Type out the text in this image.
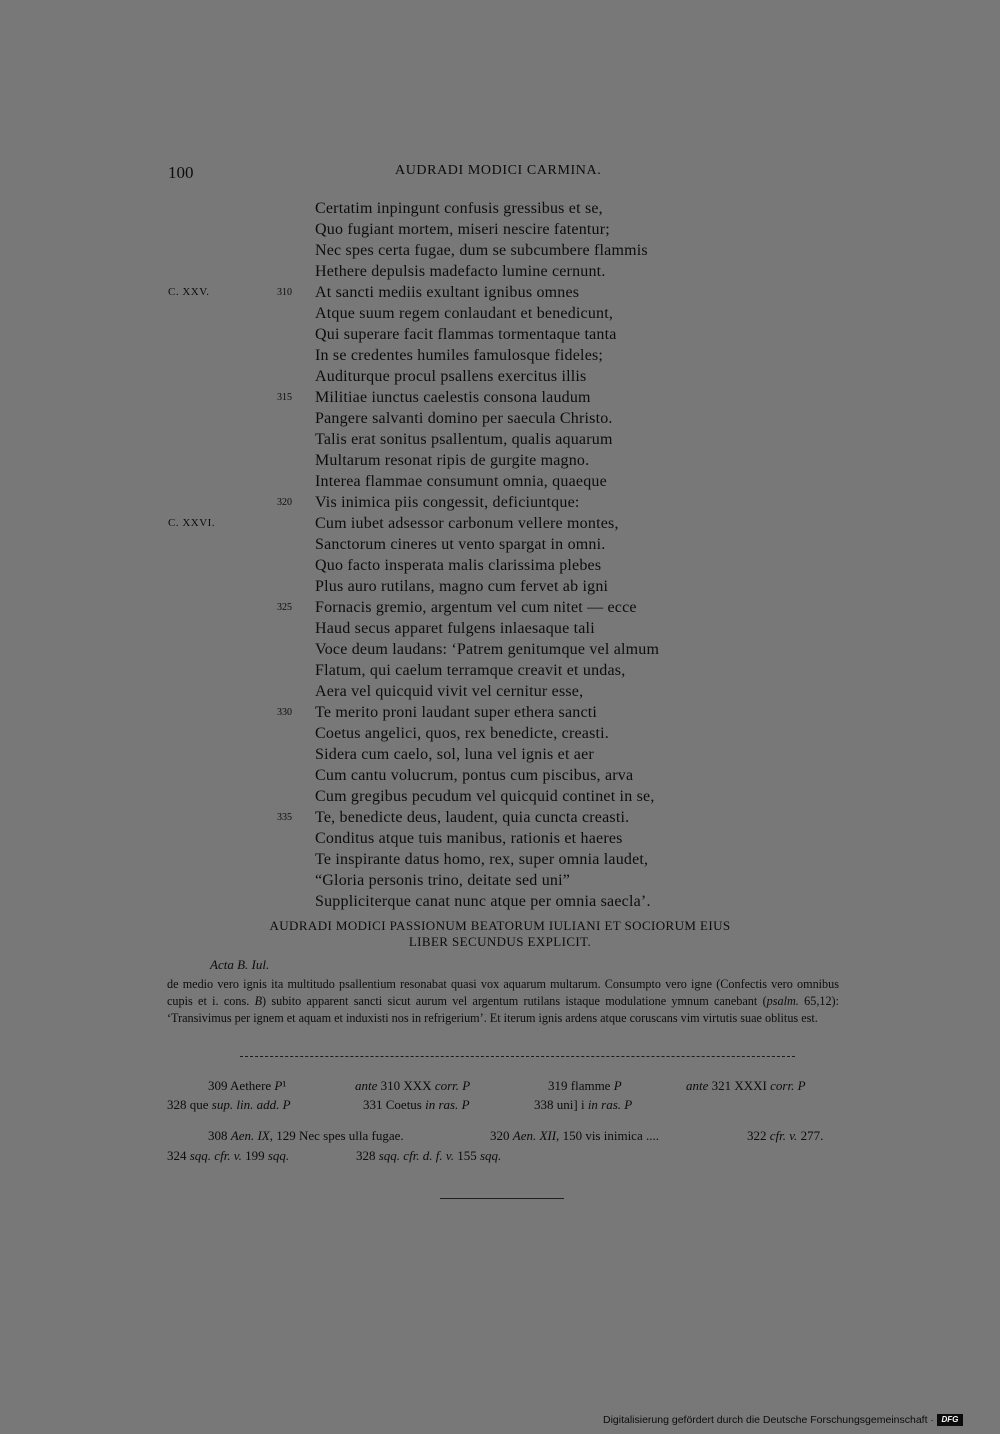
100	AUDRADI MODICI CARMINA.
Certatim inpingunt confusis gressibus et se,
Quo fugiant mortem, miseri nescire fatentur;
Nec spes certa fugae, dum se subcumbere flammis
Hethere depulsis madefacto lumine cernunt.
C. XXV.	310 At sancti mediis exultant ignibus omnes
Atque suum regem conlaudant et benedicunt,
Qui superare facit flammas tormentaque tanta
In se credentes humiles famulosque fideles;
Auditurque procul psallens exercitus illis
315 Militiae iunctus caelestis consona laudum
Pangere salvanti domino per saecula Christo.
Talis erat sonitus psallentum, qualis aquarum
Multarum resonat ripis de gurgite magno.
Interea flammae consumunt omnia, quaeque
320 Vis inimica piis congessit, deficiuntque:
C. XXVI.	Cum iubet adsessor carbonum vellere montes,
Sanctorum cineres ut vento spargat in omni.
Quo facto insperata malis clarissima plebes
Plus auro rutilans, magno cum fervet ab igni
325 Fornacis gremio, argentum vel cum nitet — ecce
Haud secus apparet fulgens inlaesaque tali
Voce deum laudans: ‘Patrem genitumque vel almum
Flatum, qui caelum terramque creavit et undas,
Aera vel quicquid vivit vel cernitur esse,
330 Te merito proni laudant super ethera sancti
Coetus angelici, quos, rex benedicte, creasti.
Sidera cum caelo, sol, luna vel ignis et aer
Cum cantu volucrum, pontus cum piscibus, arva
Cum gregibus pecudum vel quicquid continet in se,
335 Te, benedicte deus, laudent, quia cuncta creasti.
Conditus atque tuis manibus, rationis et haeres
Te inspirante datus homo, rex, super omnia laudet,
“Gloria personis trino, deitate sed uni”
Suppliciterque canat nunc atque per omnia saecla’.
AUDRADI MODICI PASSIONUM BEATORUM IULIANI ET SOCIORUM EIUS
LIBER SECUNDUS EXPLICIT.
Acta B. Iul.
de medio vero ignis ita multitudo psallentium resonabat quasi vox aquarum multarum. Consumpto vero igne (Confectis vero omnibus cupis et i. cons. B) subito apparent sancti sicut aurum vel argentum rutilans istaque modulatione ymnum canebant (psalm. 65,12): ‘Transivimus per ignem et aquam et induxisti nos in refrigerium’. Et iterum ignis ardens atque coruscans vim virtutis suae oblitus est.
309 Aethere P¹	ante 310 XXX corr. P	319 flamme P	ante 321 XXXI corr. P
328 que sup. lin. add. P	331 Coetus in ras. P	338 uni] i in ras. P
308 Aen. IX, 129 Nec spes ulla fugae.	320 Aen. XII, 150 vis inimica ....	322 cfr. v. 277.
324 sqq. cfr. v. 199 sqq.	328 sqq. cfr. d. f. v. 155 sqq.
Digitalisierung gefördert durch die Deutsche Forschungsgemeinschaft · DFG
